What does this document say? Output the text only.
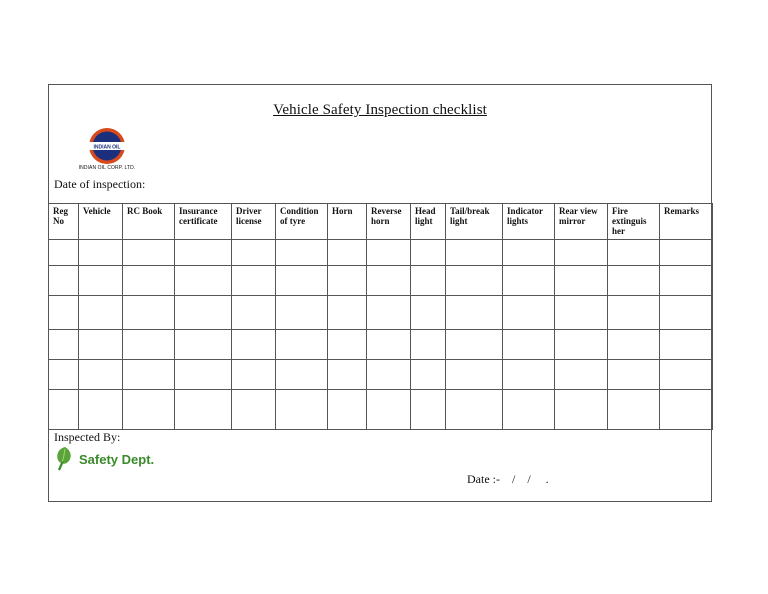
Vehicle Safety Inspection checklist
INDIAN OIL
INDIAN OIL CORP. LTD.
Date of inspection:
Reg No	Vehicle	RC Book	Insurance certificate	Driver license	Condition of tyre	Horn	Reverse horn	Head light	Tail/break light	Indicator lights	Rear view mirror	Fire extinguis her	Remarks

Inspected By:
Safety Dept.
Date :-    /    /     .
